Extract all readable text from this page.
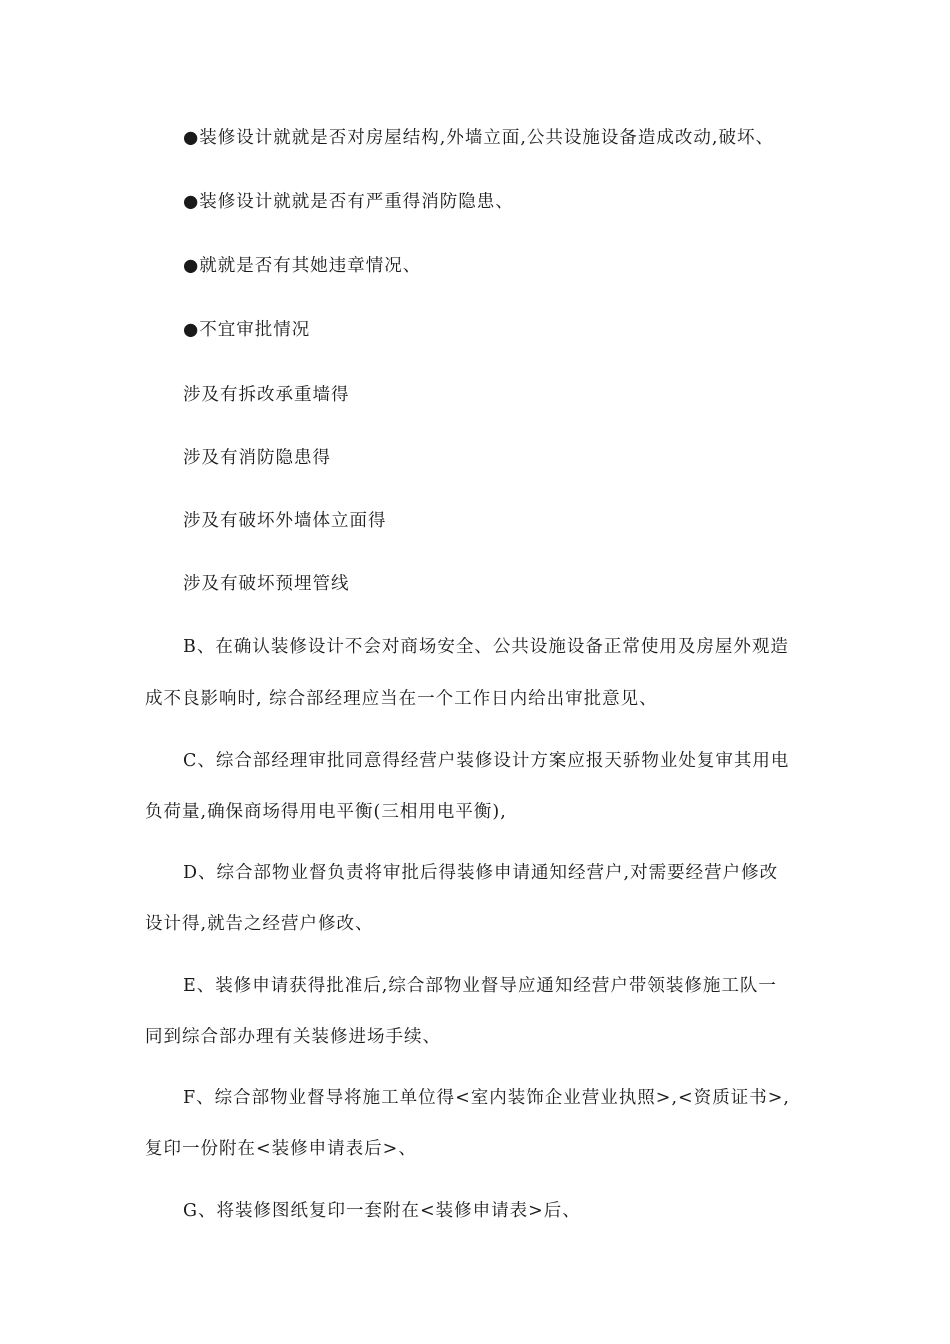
●装修设计就就是否对房屋结构,外墙立面,公共设施设备造成改动,破坏、
●装修设计就就是否有严重得消防隐患、
●就就是否有其她违章情况、
●不宜审批情况
涉及有拆改承重墙得
涉及有消防隐患得
涉及有破坏外墙体立面得
涉及有破坏预埋管线
B、在确认装修设计不会对商场安全、公共设施设备正常使用及房屋外观造
成不良影响时, 综合部经理应当在一个工作日内给出审批意见、
C、综合部经理审批同意得经营户装修设计方案应报天骄物业处复审其用电
负荷量,确保商场得用电平衡(三相用电平衡),
D、综合部物业督负责将审批后得装修申请通知经营户,对需要经营户修改
设计得,就告之经营户修改、
E、装修申请获得批准后,综合部物业督导应通知经营户带领装修施工队一
同到综合部办理有关装修进场手续、
F、综合部物业督导将施工单位得<室内装饰企业营业执照>,<资质证书>,
复印一份附在<装修申请表后>、
G、将装修图纸复印一套附在<装修申请表>后、
